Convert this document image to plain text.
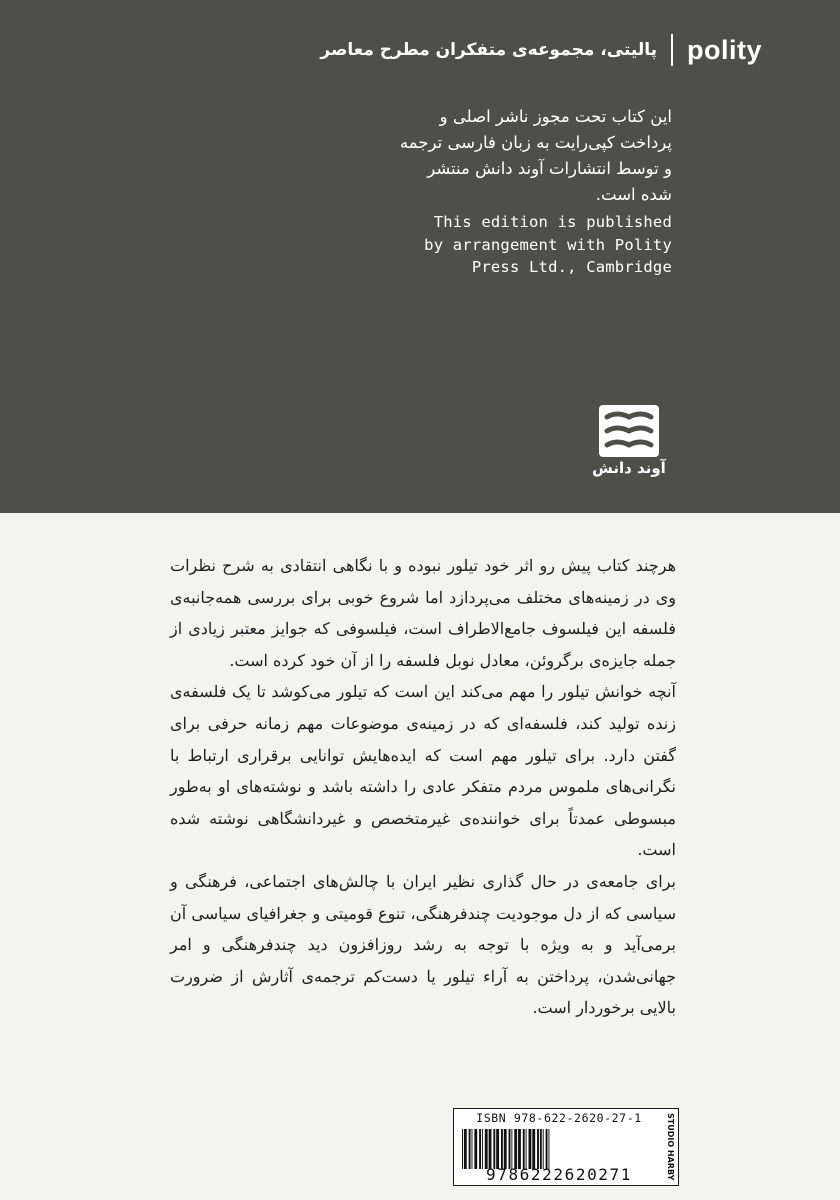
پالیتی، مجموعه‌ی متفکران مطرح معاصر polity
این کتاب تحت مجوز ناشر اصلی و
پرداخت کپی‌رایت به زبان فارسی ترجمه
و توسط انتشارات آوند دانش منتشر
شده است.
This edition is published
by arrangement with Polity
Press Ltd., Cambridge
آوند دانش

هرچند کتاب پیش رو اثر خود تیلور نبوده و با نگاهی انتقادی به شرح نظرات وی در زمینه‌های مختلف می‌پردازد اما شروع خوبی برای بررسی همه‌جانبه‌ی فلسفه این فیلسوف جامع‌الاطراف است، فیلسوفی که جوایز معتبر زیادی از جمله جایزه‌ی برگروئن، معادل نوبل فلسفه را از آن خود کرده است.

آنچه خوانش تیلور را مهم می‌کند این است که تیلور می‌کوشد تا یک فلسفه‌ی زنده تولید کند، فلسفه‌ای که در زمینه‌ی موضوعات مهم زمانه حرفی برای گفتن دارد. برای تیلور مهم است که ایده‌هایش توانایی برقراری ارتباط با نگرانی‌های ملموس مردم متفکر عادی را داشته باشد و نوشته‌های او به‌طور مبسوطی عمدتاً برای خواننده‌ی غیرمتخصص و غیردانشگاهی نوشته شده است.

برای جامعه‌ی در حال گذاری نظیر ایران با چالش‌های اجتماعی، فرهنگی و سیاسی که از دل موجودیت چندفرهنگی، تنوع قومیتی و جغرافیای سیاسی آن برمی‌آید و به ویژه با توجه به رشد روزافزون دید چندفرهنگی و امر جهانی‌شدن، پرداختن به آراء تیلور یا دست‌کم ترجمه‌ی آثارش از ضرورت بالایی برخوردار است.

ISBN 978-622-2620-27-1
9786222620271	STUDIO HARBY
